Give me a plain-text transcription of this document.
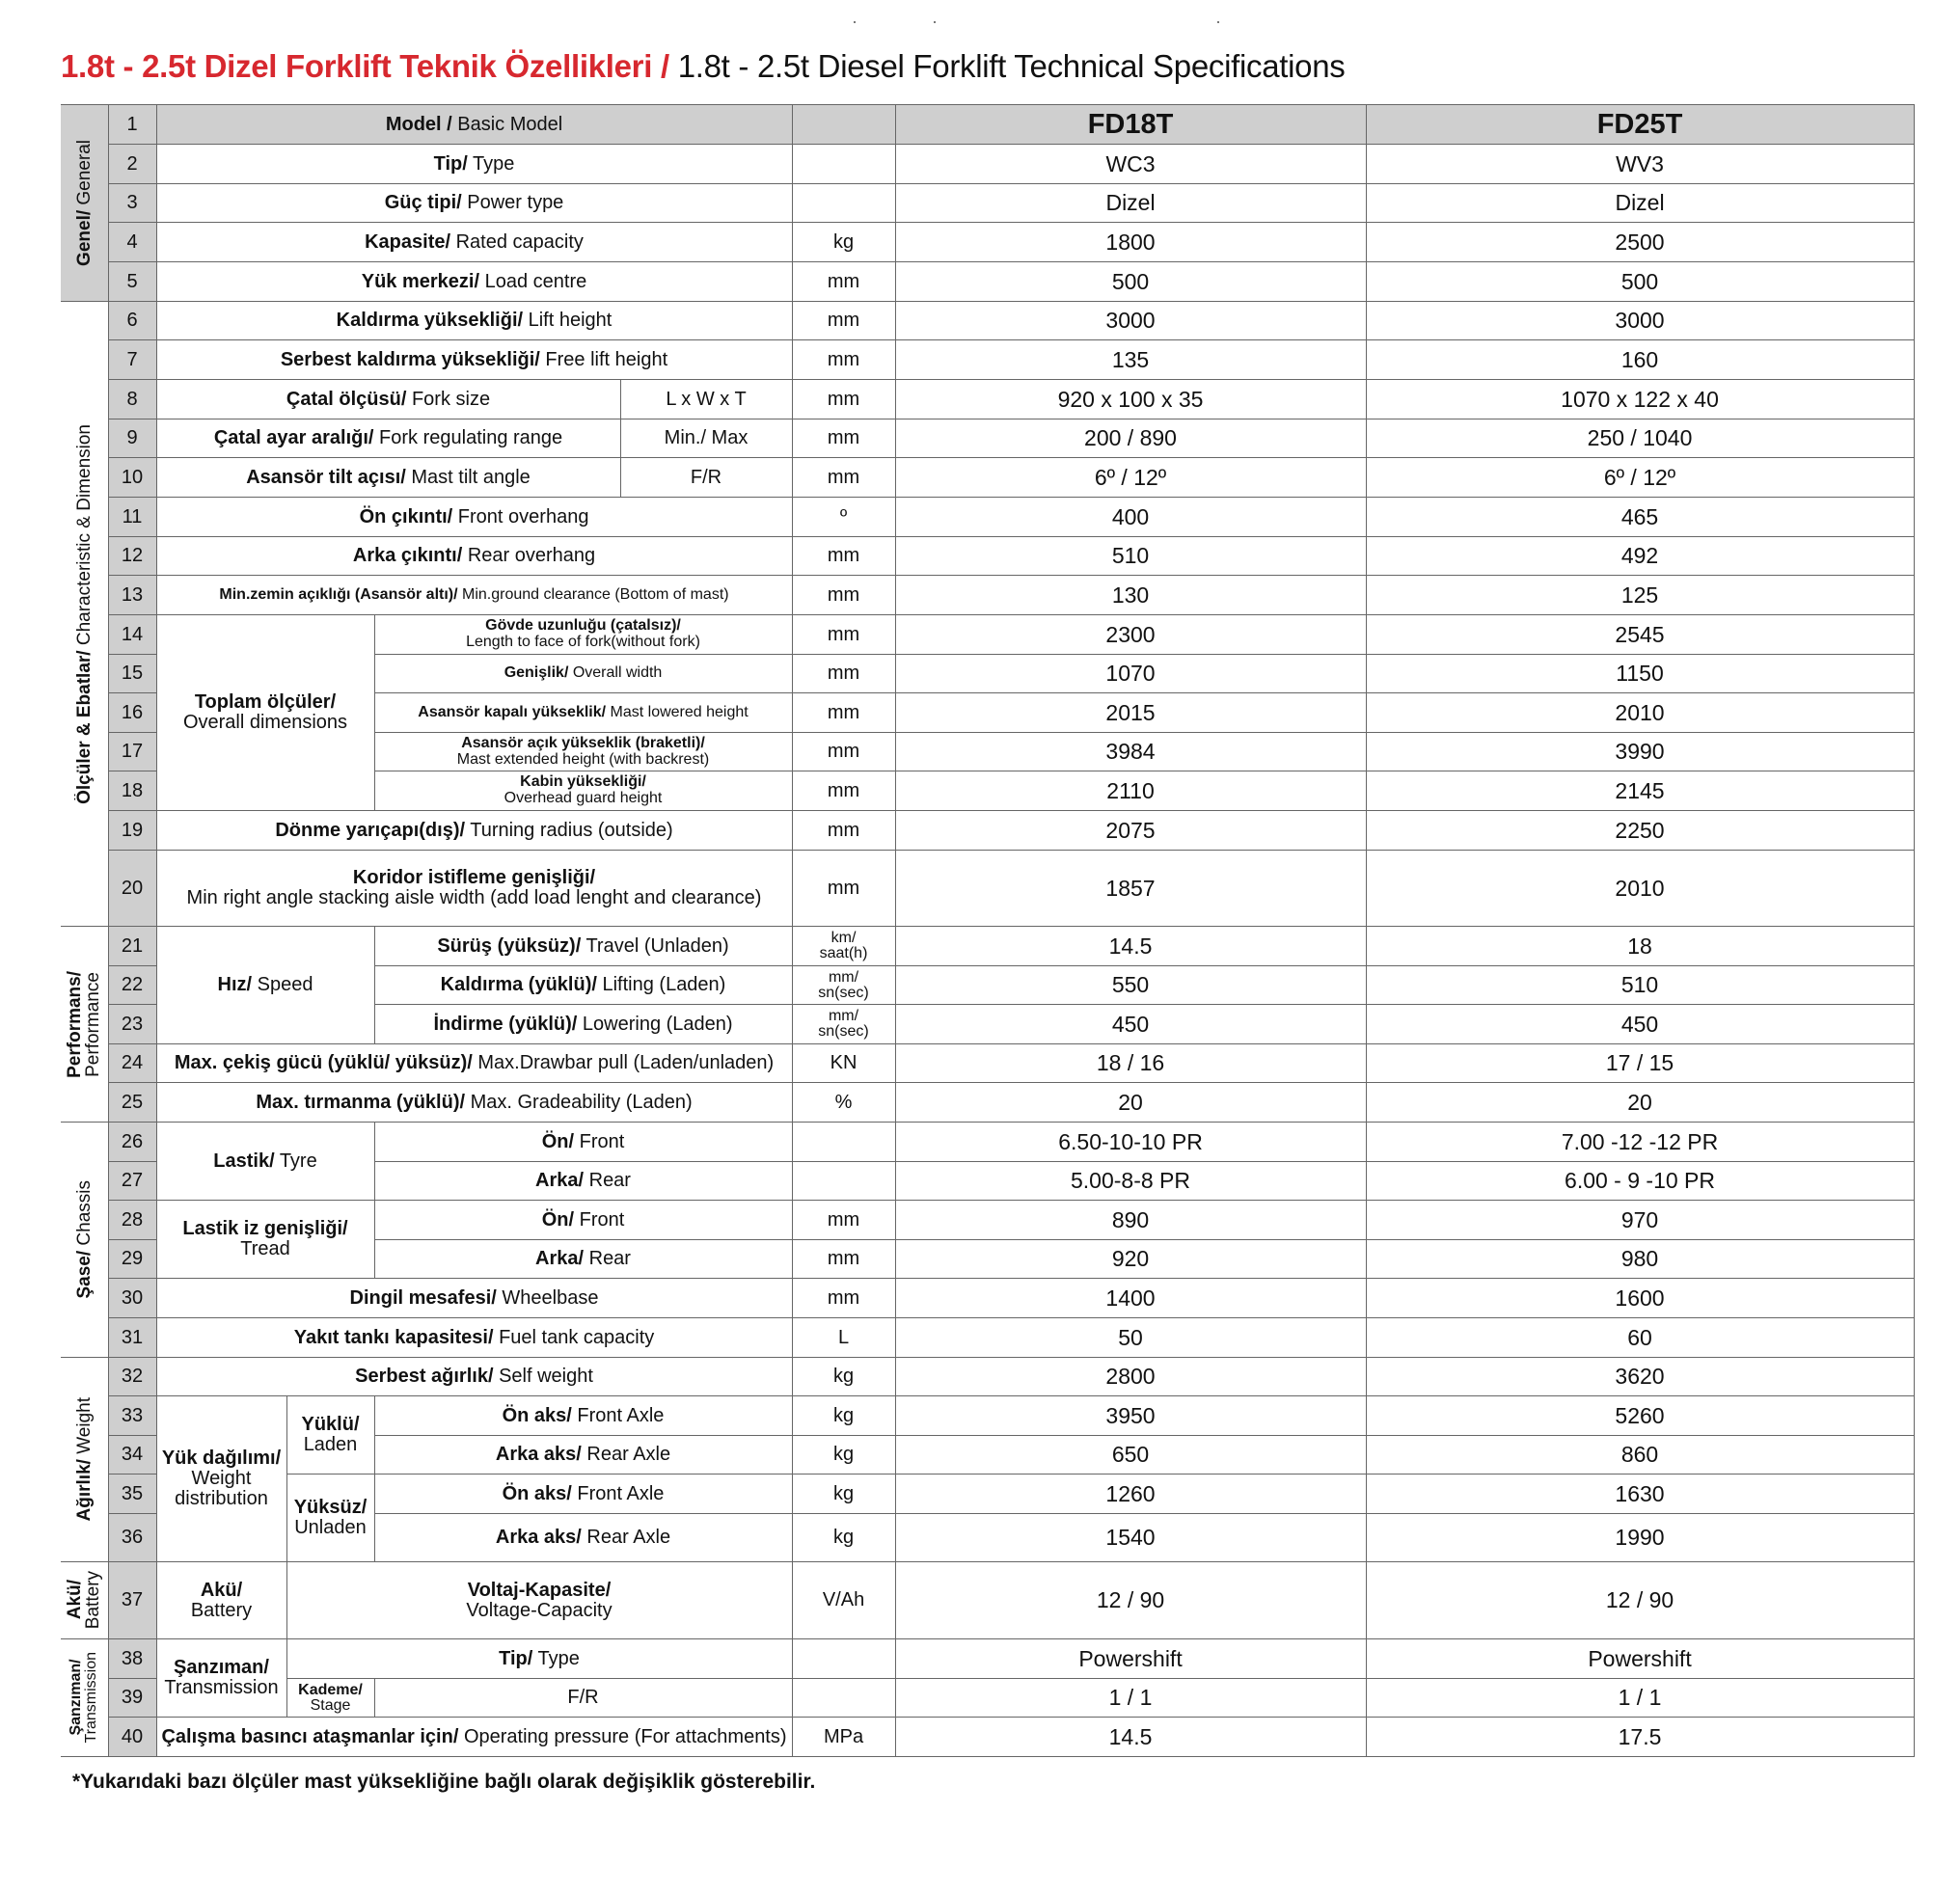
1.8t - 2.5t Dizel Forklift Teknik Özellikleri / 1.8t - 2.5t Diesel Forklift Technical Specifications
Genel/ General	1	Model / Basic Model					FD18T	FD25T
	2	Tip/ Type					WC3	WV3
	3	Güç tipi/ Power type					Dizel	Dizel
	4	Kapasite/ Rated capacity				kg	1800	2500
	5	Yük merkezi/ Load centre				mm	500	500

Ölçüler & Ebatlar/ Characteristic & Dimension	6	Kaldırma yüksekliği/ Lift height				mm	3000	3000
	7	Serbest kaldırma yüksekliği/ Free lift height				mm	135	160
	8	Çatal ölçüsü/ Fork size			L x W x T	mm	920 x 100 x 35	1070 x 122 x 40
	9	Çatal ayar aralığı/ Fork regulating range			Min./ Max	mm	200 / 890	250 / 1040
	10	Asansör tilt açısı/ Mast tilt angle			F/R	mm	6º / 12º	6º / 12º
	11	Ön çıkıntı/ Front overhang				º	400	465
	12	Arka çıkıntı/ Rear overhang				mm	510	492
	13	Min.zemin açıklığı (Asansör altı)/ Min.ground clearance (Bottom of mast)				mm	130	125
	14	Toplam ölçüler/
Overall dimensions		Gövde uzunluğu (çatalsız)/
Length to face of fork(without fork)		mm	2300	2545
	15			Genişlik/ Overall width		mm	1070	1150
	16			Asansör kapalı yükseklik/ Mast lowered height		mm	2015	2010
	17			Asansör açık yükseklik (braketli)/
Mast extended height (with backrest)		mm	3984	3990
	18			Kabin yüksekliği/
Overhead guard height		mm	2110	2145
	19	Dönme yarıçapı(dış)/ Turning radius (outside)				mm	2075	2250
	20	Koridor istifleme genişliği/
Min right angle stacking aisle width (add load lenght and clearance)				mm	1857	2010

Performans/
Performance	21	Hız/ Speed		Sürüş (yüksüz)/ Travel (Unladen)		km/
saat(h)	14.5	18
	22			Kaldırma (yüklü)/ Lifting (Laden)		mm/
sn(sec)	550	510
	23			İndirme (yüklü)/ Lowering (Laden)		mm/
sn(sec)	450	450
	24	Max. çekiş gücü (yüklü/ yüksüz)/ Max.Drawbar pull (Laden/unladen)				KN	18 / 16	17 / 15
	25	Max. tırmanma (yüklü)/ Max. Gradeability (Laden)				%	20	20

Şase/ Chassis	26	Lastik/ Tyre		Ön/ Front			6.50-10-10 PR	7.00 -12 -12 PR
	27			Arka/ Rear			5.00-8-8 PR	6.00 - 9 -10 PR
	28	Lastik iz genişliği/
Tread		Ön/ Front		mm	890	970
	29			Arka/ Rear		mm	920	980
	30	Dingil mesafesi/ Wheelbase				mm	1400	1600
	31	Yakıt tankı kapasitesi/ Fuel tank capacity				L	50	60

Ağırlık/ Weight	32	Serbest ağırlık/ Self weight				kg	2800	3620
	33	Yük dağılımı/
Weight distribution	Yüklü/
Laden	Ön aks/ Front Axle		kg	3950	5260
	34			Arka aks/ Rear Axle		kg	650	860
	35		Yüksüz/
Unladen	Ön aks/ Front Axle		kg	1260	1630
	36			Arka aks/ Rear Axle		kg	1540	1990

Akü/
Battery	37	Akü/
Battery	Voltaj-Kapasite/
Voltage-Capacity			V/Ah	12 / 90	12 / 90

Şanzıman/
Transmission	38	Şanzıman/
Transmission	Tip/ Type				Powershift	Powershift
	39		Kademe/
Stage	F/R			1 / 1	1 / 1
	40	Çalışma basıncı ataşmanlar için/ Operating pressure (For attachments)				MPa	14.5	17.5
*Yukarıdaki bazı ölçüler mast yüksekliğine bağlı olarak değişiklik gösterebilir.
